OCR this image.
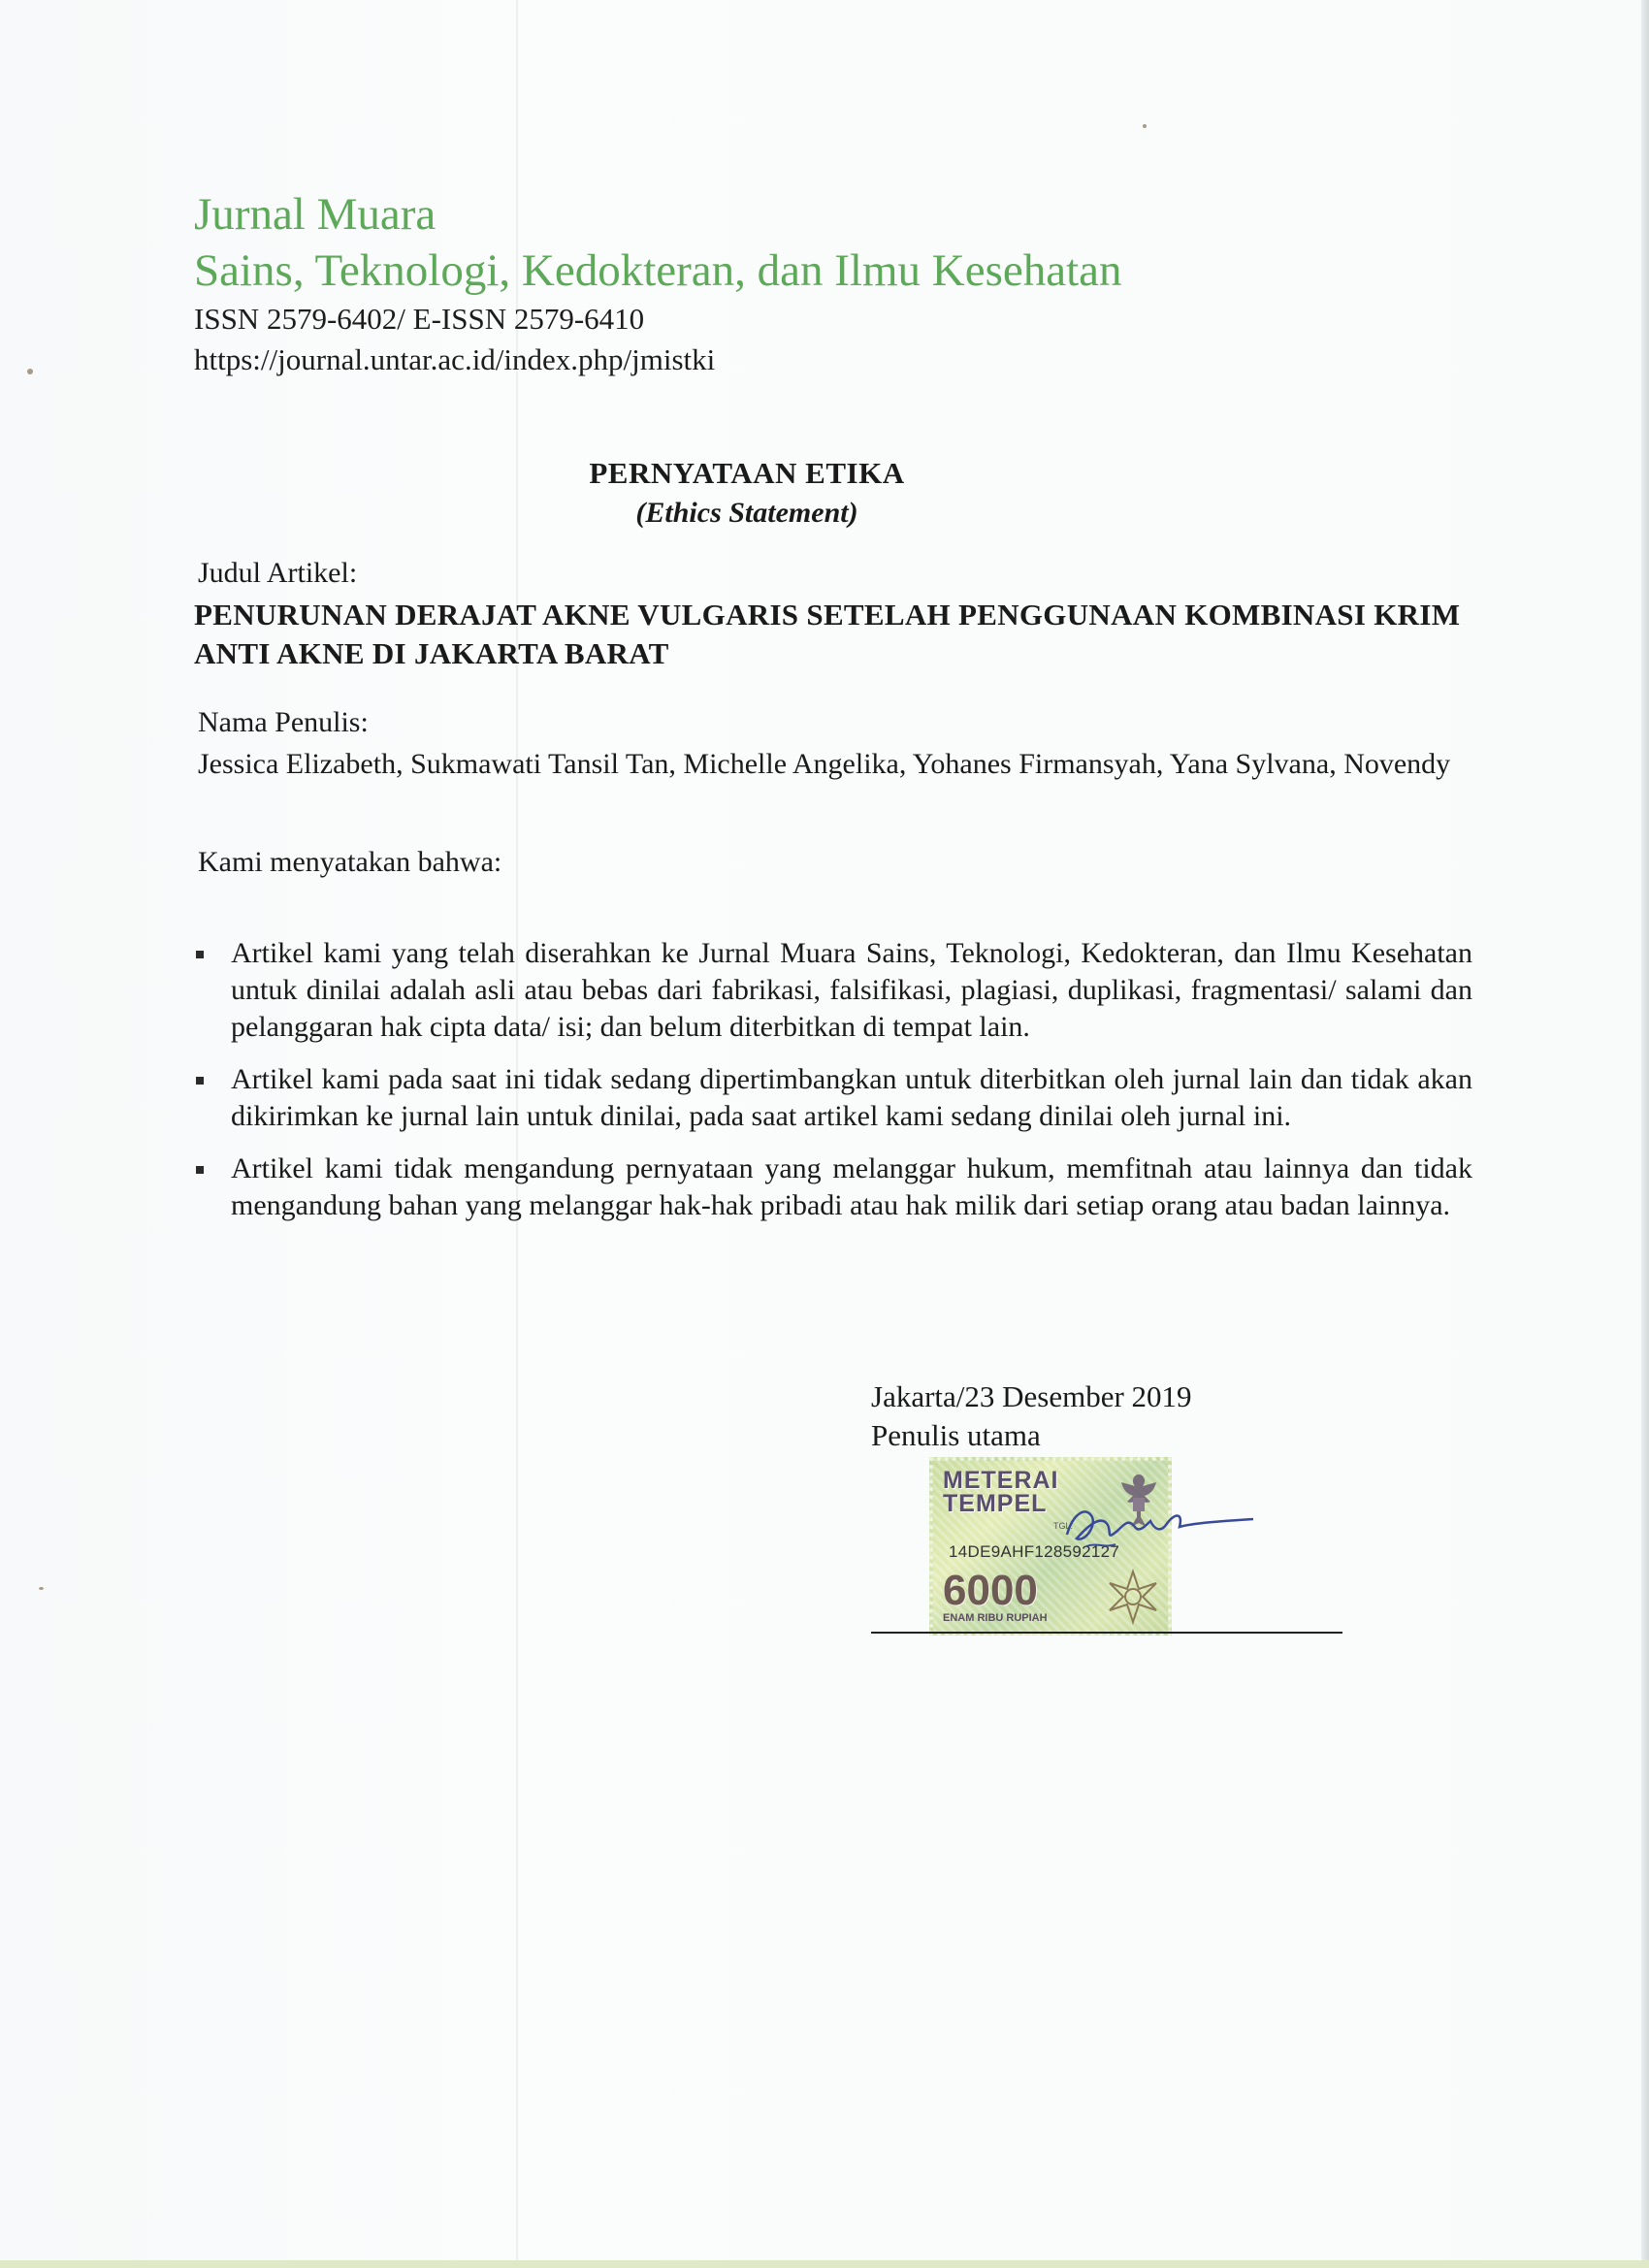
Jurnal Muara
Sains, Teknologi, Kedokteran, dan Ilmu Kesehatan
ISSN 2579-6402/ E-ISSN 2579-6410
https://journal.untar.ac.id/index.php/jmistki
PERNYATAAN ETIKA
(Ethics Statement)
Judul Artikel:
PENURUNAN DERAJAT AKNE VULGARIS SETELAH PENGGUNAAN KOMBINASI KRIM ANTI AKNE DI JAKARTA BARAT
Nama Penulis:
Jessica Elizabeth, Sukmawati Tansil Tan, Michelle Angelika, Yohanes Firmansyah, Yana Sylvana, Novendy
Kami menyatakan bahwa:
Artikel kami yang telah diserahkan ke Jurnal Muara Sains, Teknologi, Kedokteran, dan Ilmu Kesehatan untuk dinilai adalah asli atau bebas dari fabrikasi, falsifikasi, plagiasi, duplikasi, fragmentasi/ salami dan pelanggaran hak cipta data/ isi; dan belum diterbitkan di tempat lain.
Artikel kami pada saat ini tidak sedang dipertimbangkan untuk diterbitkan oleh jurnal lain dan tidak akan dikirimkan ke jurnal lain untuk dinilai, pada saat artikel kami sedang dinilai oleh jurnal ini.
Artikel kami tidak mengandung pernyataan yang melanggar hukum, memfitnah atau lainnya dan tidak mengandung bahan yang melanggar hak-hak pribadi atau hak milik dari setiap orang atau badan lainnya.
Jakarta/23 Desember 2019
Penulis utama
METERAI
TEMPEL
TGL.
14DE9AHF128592127
6000
ENAM RIBU RUPIAH
